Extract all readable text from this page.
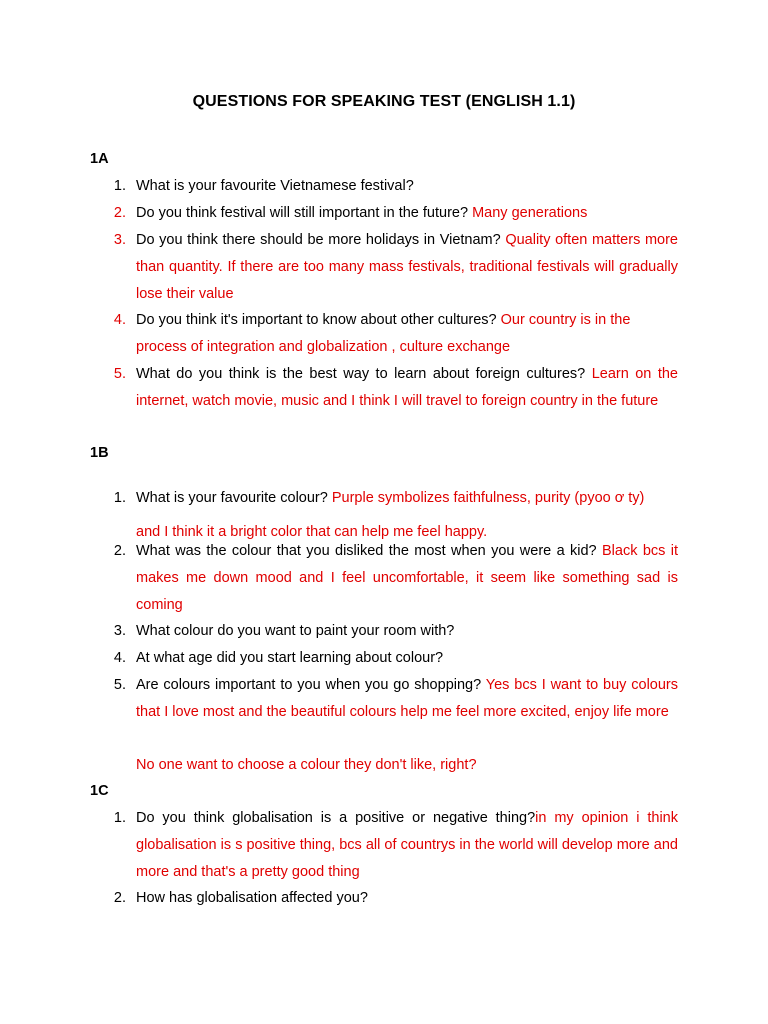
QUESTIONS FOR SPEAKING TEST (ENGLISH 1.1)
1A
1. What is your favourite Vietnamese festival?
2. Do you think festival will still important in the future? Many generations
3. Do you think there should be more holidays in Vietnam? Quality often matters more than quantity. If there are too many mass festivals, traditional festivals will gradually lose their value
4. Do you think it's important to know about other cultures? Our country is in the process of integration and globalization , culture exchange
5. What do you think is the best way to learn about foreign cultures? Learn on the internet, watch movie, music and I think I will travel to foreign country in the future
1B
1. What is your favourite colour? Purple symbolizes faithfulness, purity (pyoo ơ ty)
and I think it a bright color that can help me feel happy.
2. What was the colour that you disliked the most when you were a kid? Black bcs it makes me down mood and I feel uncomfortable, it seem like something sad is coming
3. What colour do you want to paint your room with?
4. At what age did you start learning about colour?
5. Are colours important to you when you go shopping? Yes bcs I want to buy colours that I love most and the beautiful colours help me feel more excited, enjoy life more
No one want to choose a colour they don't like, right?
1C
1. Do you think globalisation is a positive or negative thing?in my opinion i think globalisation is s positive thing, bcs all of countrys in the world will develop more and more and that's a pretty good thing
2. How has globalisation affected you?
